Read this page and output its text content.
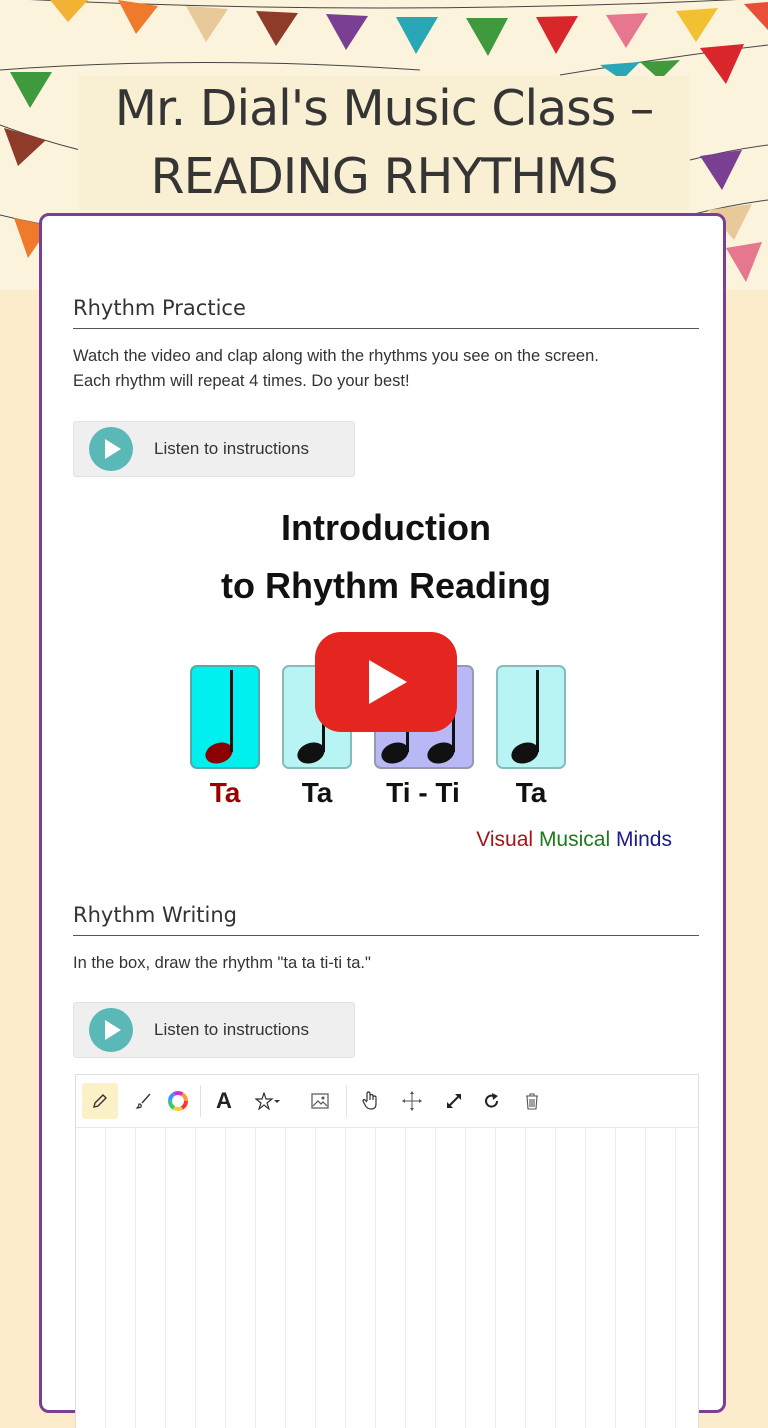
Mr. Dial's Music Class –
READING RHYTHMS
Rhythm Practice
Watch the video and clap along with the rhythms you see on the screen.
Each rhythm will repeat 4 times. Do your best!
Listen to instructions
Introduction
to Rhythm Reading
Ta Ta Ti - Ti Ta
Visual Musical Minds
Rhythm Writing
In the box, draw the rhythm "ta ta ti-ti ta."
Listen to instructions
A
